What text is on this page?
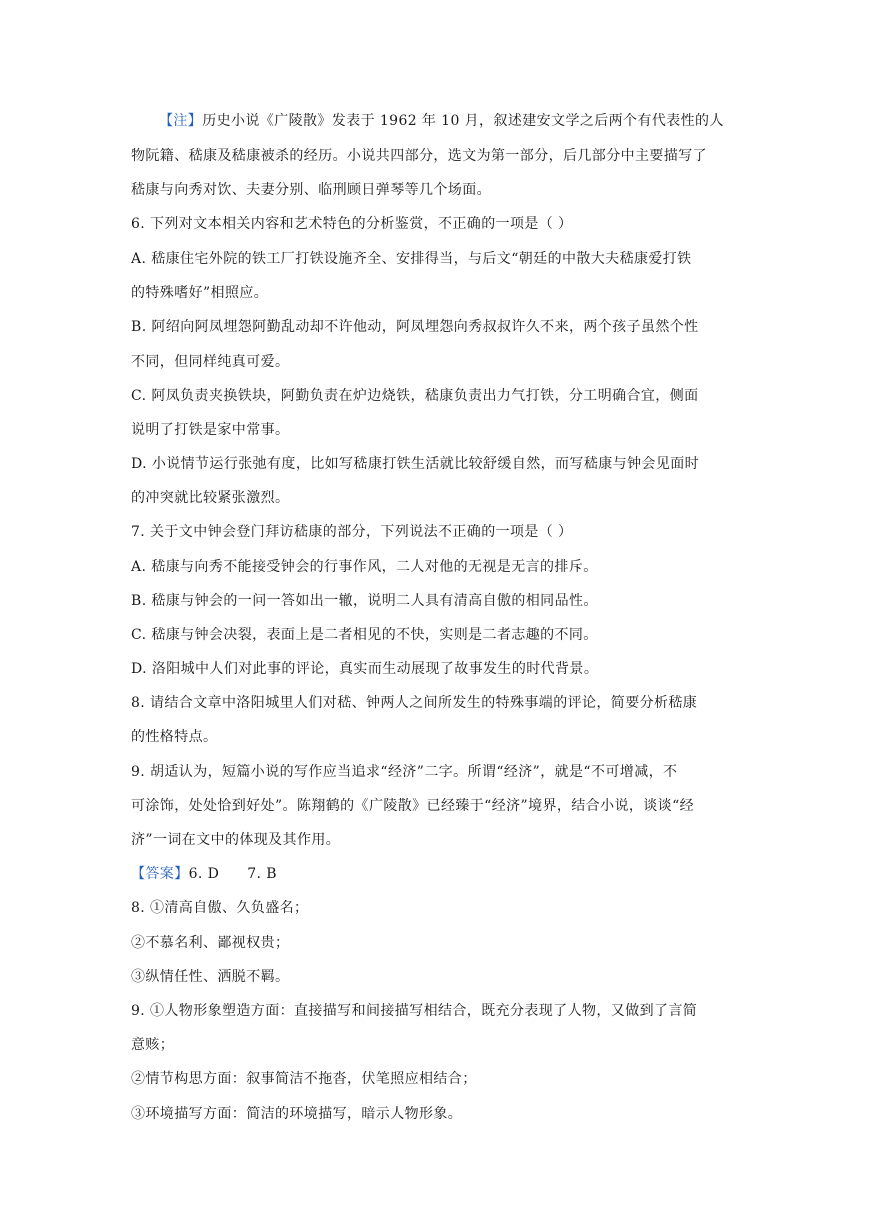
【注】历史小说《广陵散》发表于 1962 年 10 月，叙述建安文学之后两个有代表性的人
物阮籍、嵇康及嵇康被杀的经历。小说共四部分，选文为第一部分，后几部分中主要描写了
嵇康与向秀对饮、夫妻分别、临刑顾日弹琴等几个场面。
6. 下列对文本相关内容和艺术特色的分析鉴赏，不正确的一项是（ ）
A. 嵇康住宅外院的铁工厂打铁设施齐全、安排得当，与后文“朝廷的中散大夫嵇康爱打铁
的特殊嗜好”相照应。
B. 阿绍向阿凤埋怨阿勤乱动却不许他动，阿凤埋怨向秀叔叔许久不来，两个孩子虽然个性
不同，但同样纯真可爱。
C. 阿凤负责夹换铁块，阿勤负责在炉边烧铁，嵇康负责出力气打铁，分工明确合宜，侧面
说明了打铁是家中常事。
D. 小说情节运行张弛有度，比如写嵇康打铁生活就比较舒缓自然，而写嵇康与钟会见面时
的冲突就比较紧张激烈。
7. 关于文中钟会登门拜访嵇康的部分，下列说法不正确的一项是（ ）
A. 嵇康与向秀不能接受钟会的行事作风，二人对他的无视是无言的排斥。
B. 嵇康与钟会的一问一答如出一辙，说明二人具有清高自傲的相同品性。
C. 嵇康与钟会决裂，表面上是二者相见的不快，实则是二者志趣的不同。
D. 洛阳城中人们对此事的评论，真实而生动展现了故事发生的时代背景。
8. 请结合文章中洛阳城里人们对嵇、钟两人之间所发生的特殊事端的评论，简要分析嵇康
的性格特点。
9. 胡适认为，短篇小说的写作应当追求“经济”二字。所谓“经济”，就是“不可增减，不
可涂饰，处处恰到好处”。陈翔鹤的《广陵散》已经臻于“经济”境界，结合小说，谈谈“经
济”一词在文中的体现及其作用。
【答案】6. D 7. B
8. ①清高自傲、久负盛名；
②不慕名利、鄙视权贵；
③纵情任性、洒脱不羁。
9. ①人物形象塑造方面：直接描写和间接描写相结合，既充分表现了人物，又做到了言简
意赅；
②情节构思方面：叙事简洁不拖沓，伏笔照应相结合；
③环境描写方面：简洁的环境描写，暗示人物形象。
